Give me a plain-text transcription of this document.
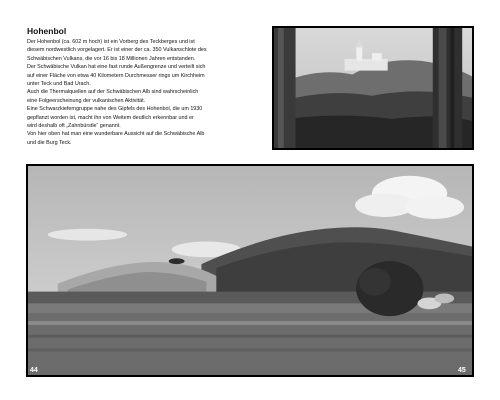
Hohenbol

Der Hohenbol (ca. 602 m hoch) ist ein Vorberg des Teckberges und ist
diesem nordwestlich vorgelagert. Er ist einer der ca. 350 Vulkanschlote des
Schwäbischen Vulkans, die vor 16 bis 18 Millionen Jahren entstanden.
Der Schwäbische Vulkan hat eine fast runde Außengrenze und verteilt sich
auf einer Fläche von etwa 40 Kilometern Durchmesser rings um Kirchheim
unter Teck und Bad Urach.
Auch die Thermalquellen auf der Schwäbischen Alb sind wahrscheinlich
eine Folgeerscheinung der vulkanischen Aktivität.
Eine Schwarzkieferngruppe nahe des Gipfels des Hohenbol, die um 1930
gepflanzt worden ist, macht ihn von Weitem deutlich erkennbar und er
wird deshalb oft „Zahnbürstle“ genannt.
Von hier oben hat man eine wunderbare Aussicht auf die Schwäbische Alb
und die Burg Teck.

44	45
